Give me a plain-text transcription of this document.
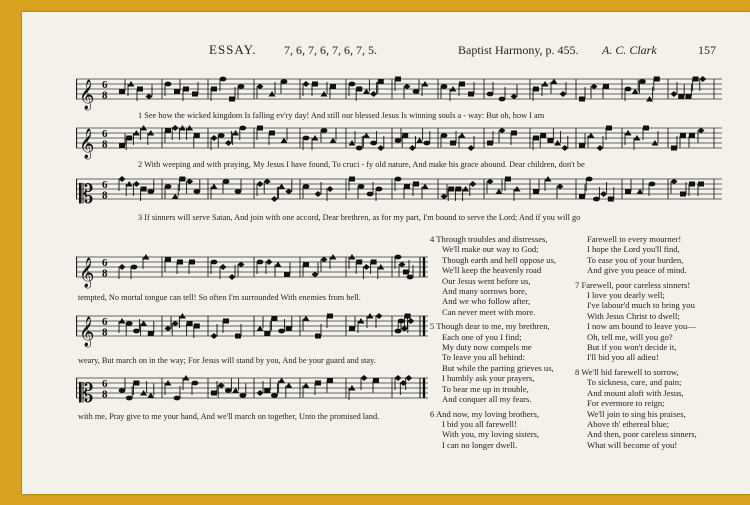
ESSAY. 7, 6, 7, 6, 7, 6, 7, 5.	Baptist Harmony, p. 455. A. C. Clark	157
𝄞 6
8
1 See how the wicked kingdom Is falling ev'ry day! And still our blessed Jesus Is winning souls a - way: But oh, how I am
𝄞 6
8
2 With weeping and with praying, My Jesus I have found, To cruci - fy old nature, And make his grace abound. Dear children, don't be
𝄡 6
8
3 If sinners will serve Satan, And join with one accord, Dear brethren, as for my part, I'm bound to serve the Lord; And if you will go
𝄞 6
8
tempted, No mortal tongue can tell! So often I'm surrounded With enemies from hell.
𝄞 6
8
weary, But march on in the way; For Jesus will stand by you, And be your guard and stay.
𝄡 6
8
with me, Pray give to me your hand, And we'll march on together, Unto the promised land.
4 Through troubles and distresses,
We'll make our way to God;
Though earth and hell oppose us,
We'll keep the heavenly road
Our Jesus went before us,
And many sorrows bore,
And we who follow after,
Can never meet with more.

5 Though dear to me, my brethren,
Each one of you I find;
My duty now compels me
To leave you all behind:
But while the parting grieves us,
I humbly ask your prayers,
To bear me up in trouble,
And conquer all my fears.

6 And now, my loving brothers,
I bid you all farewell!
With you, my loving sisters,
I can no longer dwell.
Farewell to every mourner!
I hope the Lord you'll find,
To ease you of your burden,
And give you peace of mind.

7 Farewell, poor careless sinners!
I love you dearly well;
I've labour'd much to bring you
With Jesus Christ to dwell;
I now am bound to leave you—
Oh, tell me, will you go?
But if you won't decide it,
I'll bid you all adieu!

8 We'll bid farewell to sorrow,
To sickness, care, and pain;
And mount aloft with Jesus,
For evermore to reign;
We'll join to sing his praises,
Above th' ethereal blue;
And then, poor careless sinners,
What will become of you!
